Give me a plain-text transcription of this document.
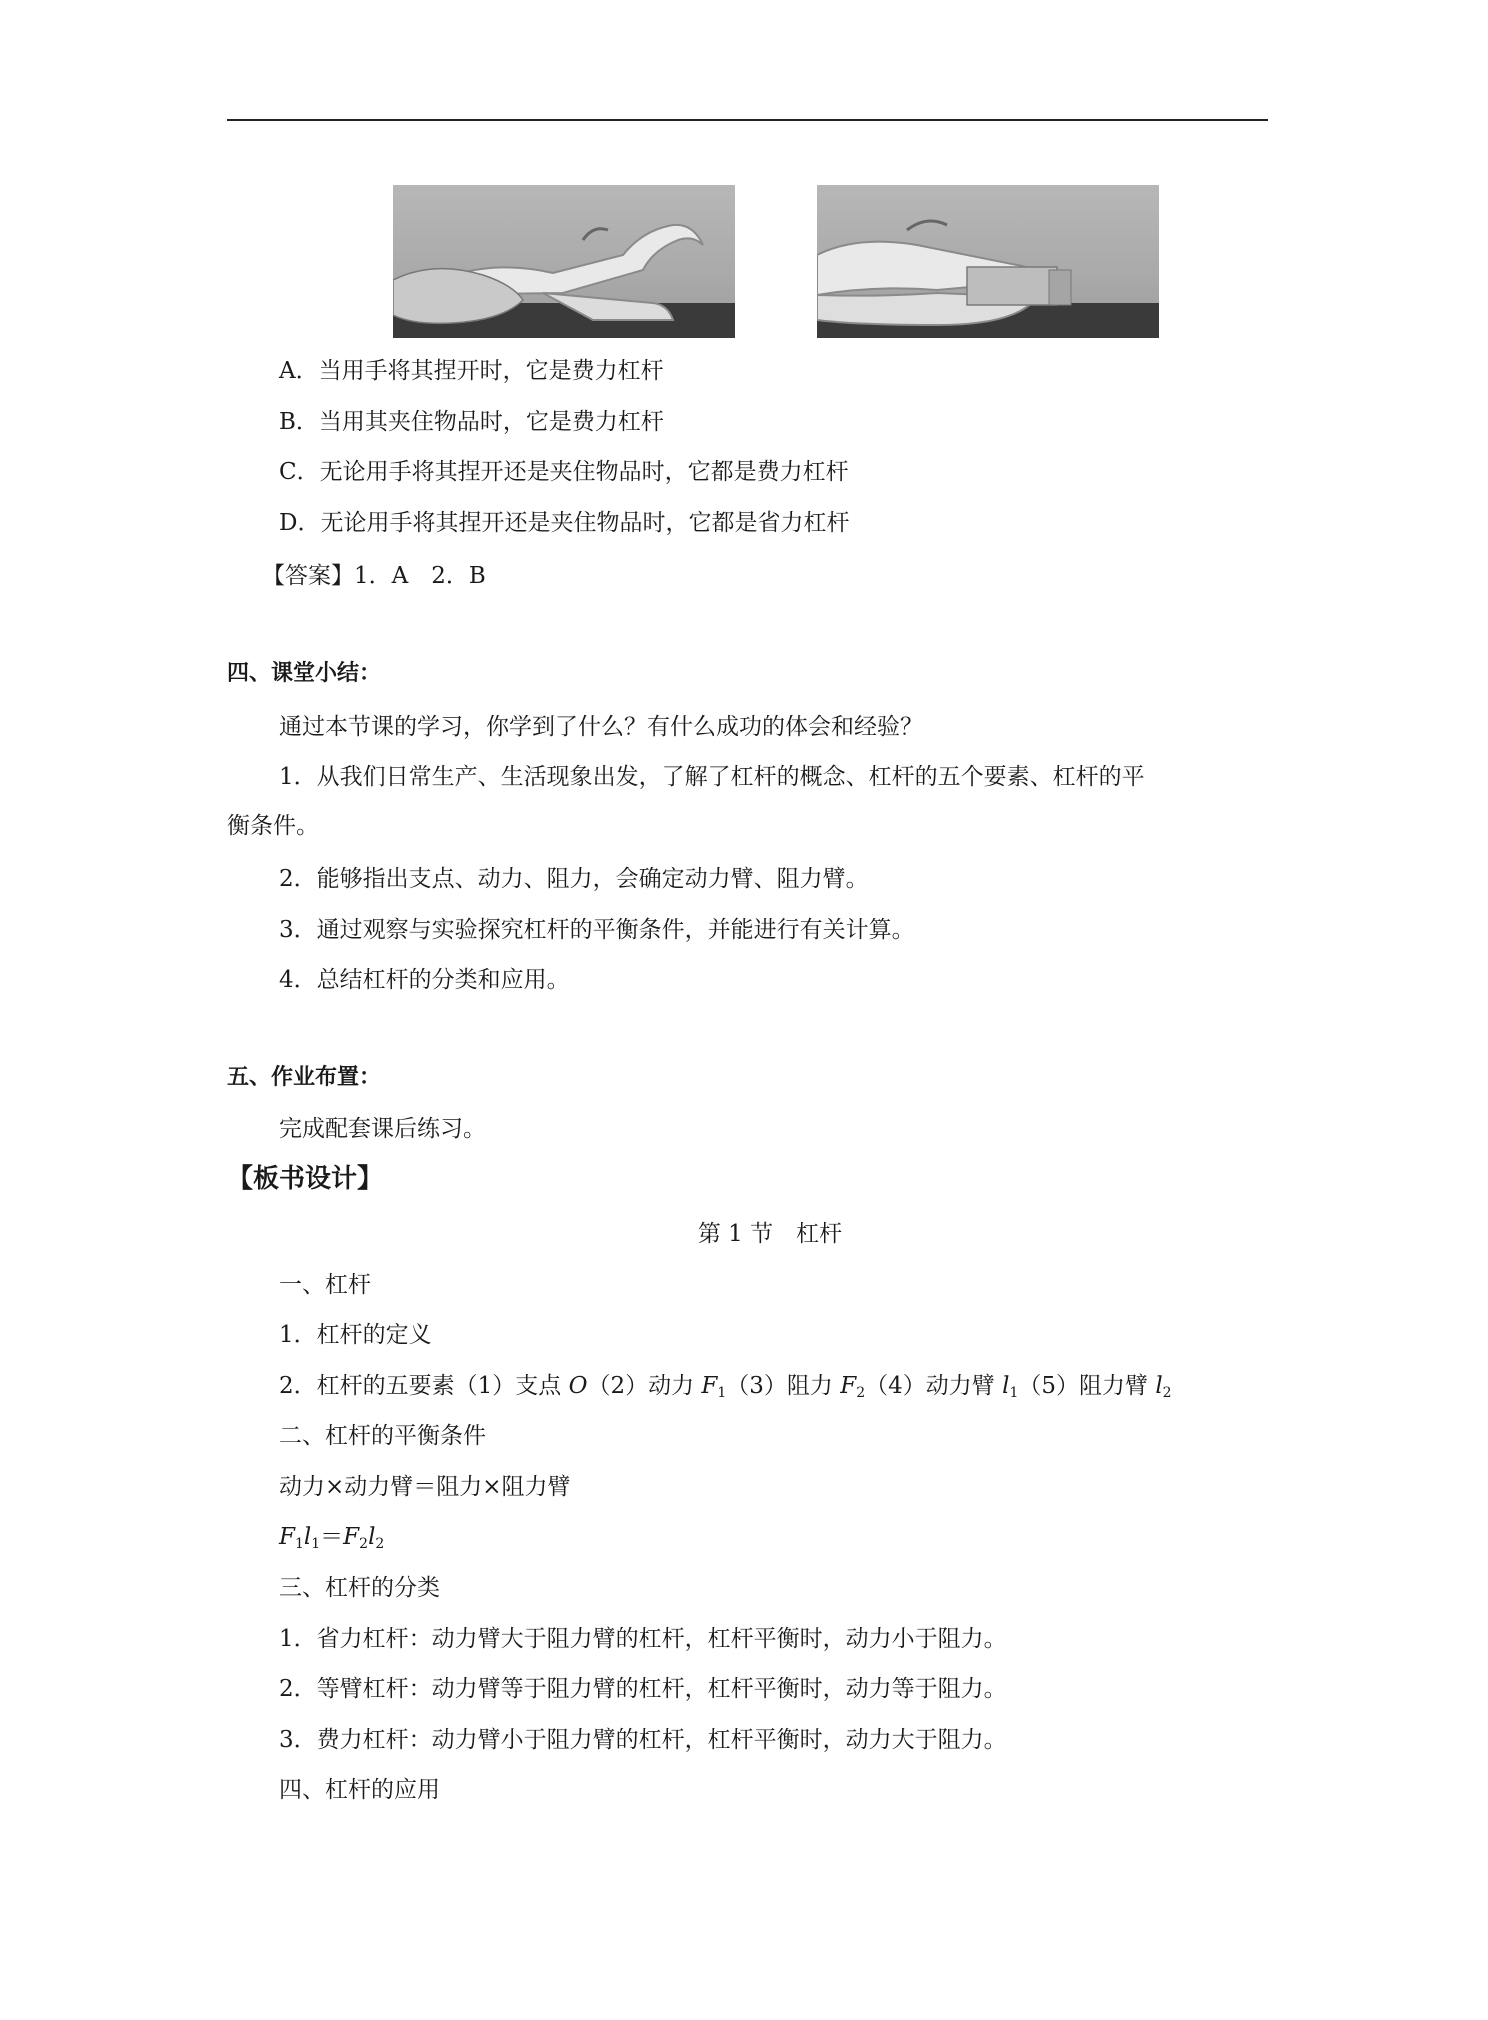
A．当用手将其捏开时，它是费力杠杆
B．当用其夹住物品时，它是费力杠杆
C．无论用手将其捏开还是夹住物品时，它都是费力杠杆
D．无论用手将其捏开还是夹住物品时，它都是省力杠杆
【答案】1．A　2．B
四、课堂小结：
通过本节课的学习，你学到了什么？有什么成功的体会和经验？
1．从我们日常生产、生活现象出发，了解了杠杆的概念、杠杆的五个要素、杠杆的平
衡条件。
2．能够指出支点、动力、阻力，会确定动力臂、阻力臂。
3．通过观察与实验探究杠杆的平衡条件，并能进行有关计算。
4．总结杠杆的分类和应用。
五、作业布置：
完成配套课后练习。
【板书设计】
第 1 节　杠杆
一、杠杆
1．杠杆的定义
2．杠杆的五要素（1）支点 O（2）动力 $F_1(3)$阻力 $F_2(4)$动力臂 $l_1(5)$阻力臂 $l_2$
二、杠杆的平衡条件
动力×动力臂＝阻力×阻力臂
$F_1l_1=F_2l_2$
三、杠杆的分类
1．省力杠杆：动力臂大于阻力臂的杠杆，杠杆平衡时，动力小于阻力。
2．等臂杠杆：动力臂等于阻力臂的杠杆，杠杆平衡时，动力等于阻力。
3．费力杠杆：动力臂小于阻力臂的杠杆，杠杆平衡时，动力大于阻力。
四、杠杆的应用
